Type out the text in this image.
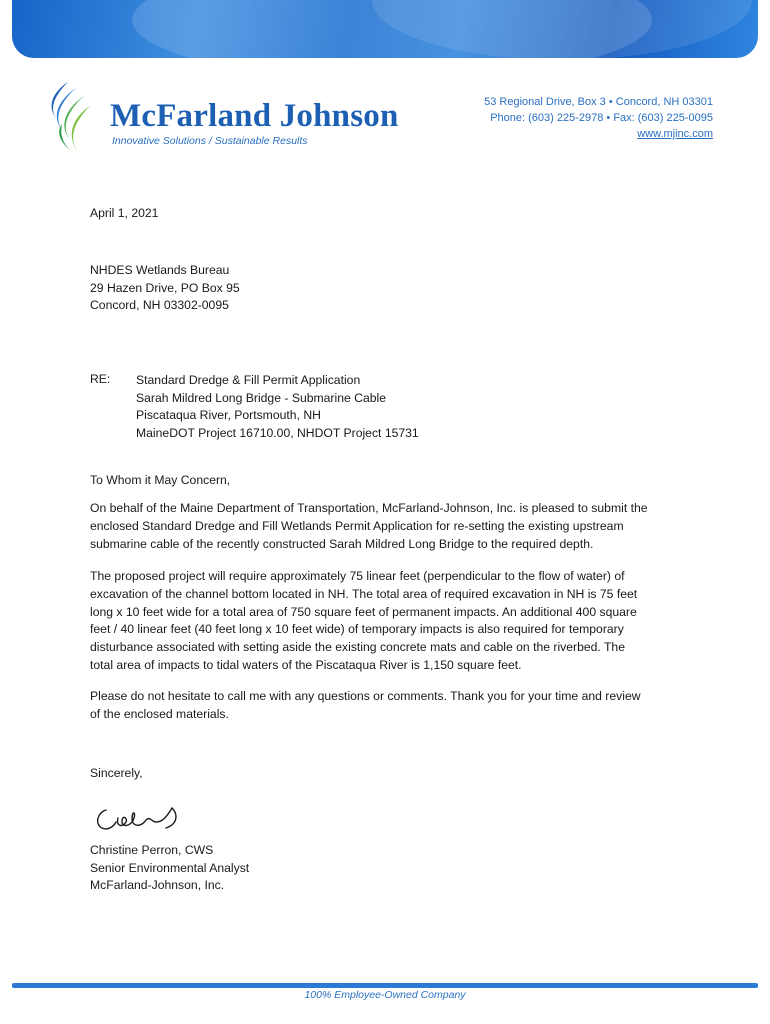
McFarland Johnson
Innovative Solutions / Sustainable Results
53 Regional Drive, Box 3 • Concord, NH 03301
Phone: (603) 225-2978 • Fax: (603) 225-0095
www.mjinc.com
April 1, 2021
NHDES Wetlands Bureau
29 Hazen Drive, PO Box 95
Concord, NH 03302-0095
RE: Standard Dredge & Fill Permit Application
Sarah Mildred Long Bridge - Submarine Cable
Piscataqua River, Portsmouth, NH
MaineDOT Project 16710.00, NHDOT Project 15731
To Whom it May Concern,
On behalf of the Maine Department of Transportation, McFarland-Johnson, Inc. is pleased to submit the
enclosed Standard Dredge and Fill Wetlands Permit Application for re-setting the existing upstream
submarine cable of the recently constructed Sarah Mildred Long Bridge to the required depth.
The proposed project will require approximately 75 linear feet (perpendicular to the flow of water) of
excavation of the channel bottom located in NH. The total area of required excavation in NH is 75 feet
long x 10 feet wide for a total area of 750 square feet of permanent impacts. An additional 400 square
feet / 40 linear feet (40 feet long x 10 feet wide) of temporary impacts is also required for temporary
disturbance associated with setting aside the existing concrete mats and cable on the riverbed. The
total area of impacts to tidal waters of the Piscataqua River is 1,150 square feet.
Please do not hesitate to call me with any questions or comments. Thank you for your time and review
of the enclosed materials.
Sincerely,
Christine Perron, CWS
Senior Environmental Analyst
McFarland-Johnson, Inc.
100% Employee-Owned Company
